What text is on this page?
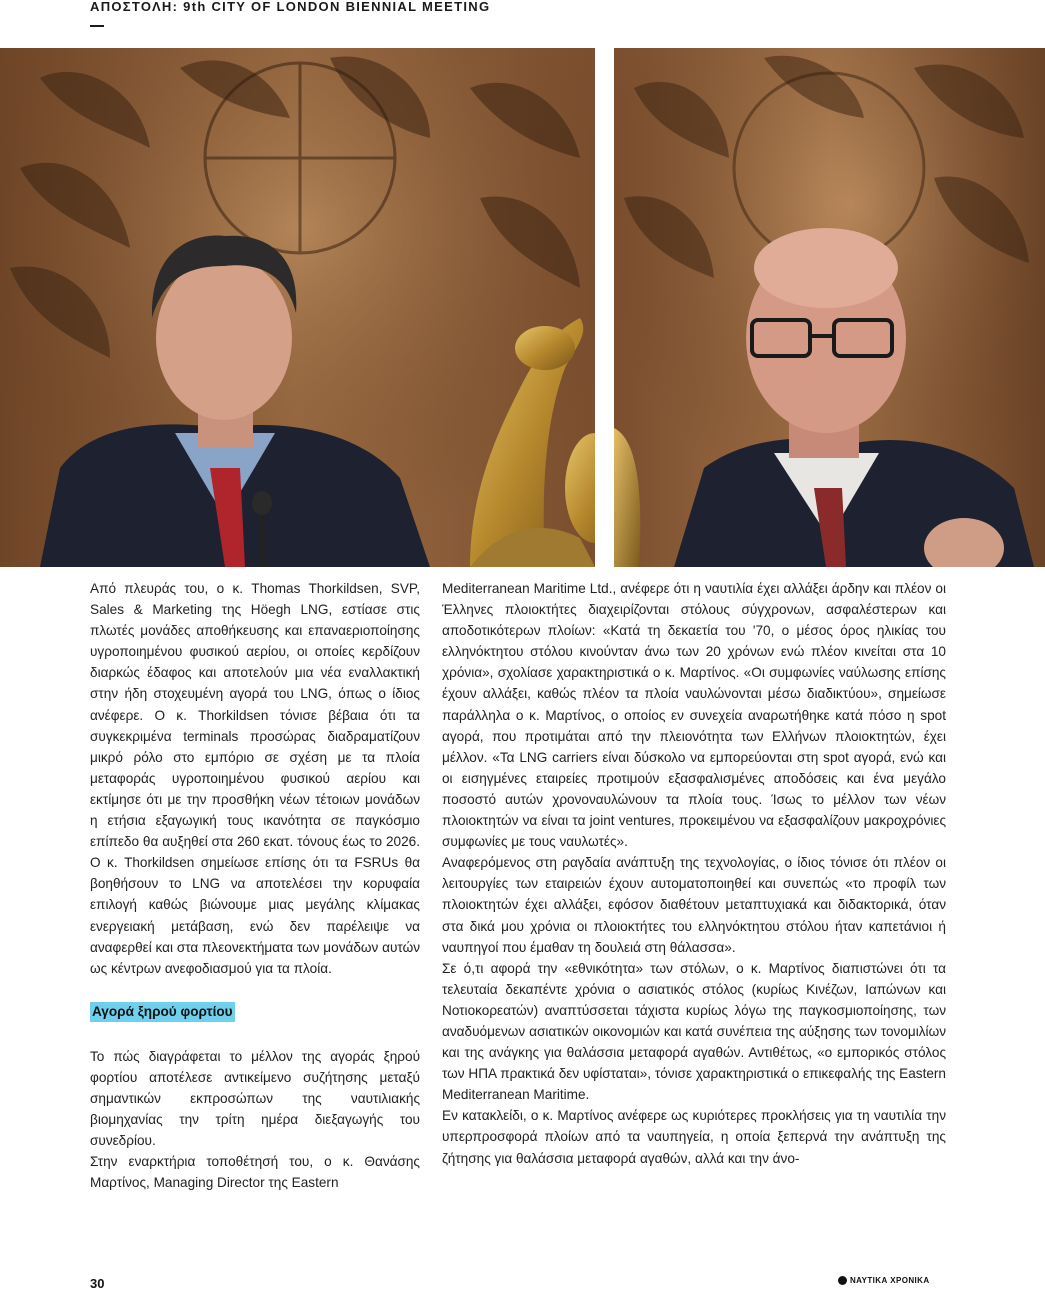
ΑΠΟΣΤΟΛΗ: 9th CITY OF LONDON BIENNIAL MEETING

Από πλευράς του, ο κ. Thomas Thorkildsen, SVP, Sales & Marketing της Höegh LNG, εστίασε στις πλωτές μονάδες αποθήκευσης και επαναεριοποίησης υγροποιημένου φυσικού αερίου, οι οποίες κερδίζουν διαρκώς έδαφος και αποτελούν μια νέα εναλλακτική στην ήδη στοχευμένη αγορά του LNG, όπως ο ίδιος ανέφερε. Ο κ. Thorkildsen τόνισε βέβαια ότι τα συγκεκριμένα terminals προσώρας διαδραματίζουν μικρό ρόλο στο εμπόριο σε σχέση με τα πλοία μεταφοράς υγροποιημένου φυσικού αερίου και εκτίμησε ότι με την προσθήκη νέων τέτοιων μονάδων η ετήσια εξαγωγική τους ικανότητα σε παγκόσμιο επίπεδο θα αυξηθεί στα 260 εκατ. τόνους έως το 2026. Ο κ. Thorkildsen σημείωσε επίσης ότι τα FSRUs θα βοηθήσουν το LNG να αποτελέσει την κορυφαία επιλογή καθώς βιώνουμε μιας μεγάλης κλίμακας ενεργειακή μετάβαση, ενώ δεν παρέλειψε να αναφερθεί και στα πλεονεκτήματα των μονάδων αυτών ως κέντρων ανεφοδιασμού για τα πλοία.

Αγορά ξηρού φορτίου

Το πώς διαγράφεται το μέλλον της αγοράς ξηρού φορτίου αποτέλεσε αντικείμενο συζήτησης μεταξύ σημαντικών εκπροσώπων της ναυτιλιακής βιομηχανίας την τρίτη ημέρα διεξαγωγής του συνεδρίου.

Στην εναρκτήρια τοποθέτησή του, ο κ. Θανάσης Μαρτίνος, Managing Director της Eastern

Mediterranean Maritime Ltd., ανέφερε ότι η ναυτιλία έχει αλλάξει άρδην και πλέον οι Έλληνες πλοιοκτήτες διαχειρίζονται στόλους σύγχρονων, ασφαλέστερων και αποδοτικότερων πλοίων: «Κατά τη δεκαετία του '70, ο μέσος όρος ηλικίας του ελληνόκτητου στόλου κινούνταν άνω των 20 χρόνων ενώ πλέον κινείται στα 10 χρόνια», σχολίασε χαρακτηριστικά ο κ. Μαρτίνος. «Οι συμφωνίες ναύλωσης επίσης έχουν αλλάξει, καθώς πλέον τα πλοία ναυλώνονται μέσω διαδικτύου», σημείωσε παράλληλα ο κ. Μαρτίνος, ο οποίος εν συνεχεία αναρωτήθηκε κατά πόσο η spot αγορά, που προτιμάται από την πλειονότητα των Ελλήνων πλοιοκτητών, έχει μέλλον. «Τα LNG carriers είναι δύσκολο να εμπορεύονται στη spot αγορά, ενώ και οι εισηγμένες εταιρείες προτιμούν εξασφαλισμένες αποδόσεις και ένα μεγάλο ποσοστό αυτών χρονοναυλώνουν τα πλοία τους. Ίσως το μέλλον των νέων πλοιοκτητών να είναι τα joint ventures, προκειμένου να εξασφαλίζουν μακροχρόνιες συμφωνίες με τους ναυλωτές».

Αναφερόμενος στη ραγδαία ανάπτυξη της τεχνολογίας, ο ίδιος τόνισε ότι πλέον οι λειτουργίες των εταιρειών έχουν αυτοματοποιηθεί και συνεπώς «το προφίλ των πλοιοκτητών έχει αλλάξει, εφόσον διαθέτουν μεταπτυχιακά και διδακτορικά, όταν στα δικά μου χρόνια οι πλοιοκτήτες του ελληνόκτητου στόλου ήταν καπετάνιοι ή ναυπηγοί που έμαθαν τη δουλειά στη θάλασσα».

Σε ό,τι αφορά την «εθνικότητα» των στόλων, ο κ. Μαρτίνος διαπιστώνει ότι τα τελευταία δεκαπέντε χρόνια ο ασιατικός στόλος (κυρίως Κινέζων, Ιαπώνων και Νοτιοκορεατών) αναπτύσσεται τάχιστα κυρίως λόγω της παγκοσμιοποίησης, των αναδυόμενων ασιατικών οικονομιών και κατά συνέπεια της αύξησης των τονομιλίων και της ανάγκης για θαλάσσια μεταφορά αγαθών. Αντιθέτως, «ο εμπορικός στόλος των ΗΠΑ πρακτικά δεν υφίσταται», τόνισε χαρακτηριστικά ο επικεφαλής της Eastern Mediterranean Maritime.

Εν κατακλείδι, ο κ. Μαρτίνος ανέφερε ως κυριότερες προκλήσεις για τη ναυτιλία την υπερπροσφορά πλοίων από τα ναυπηγεία, η οποία ξεπερνά την ανάπτυξη της ζήτησης για θαλάσσια μεταφορά αγαθών, αλλά και την άνο-

30	ΝΑΥΤΙΚΑ ΧΡΟΝΙΚΑ
